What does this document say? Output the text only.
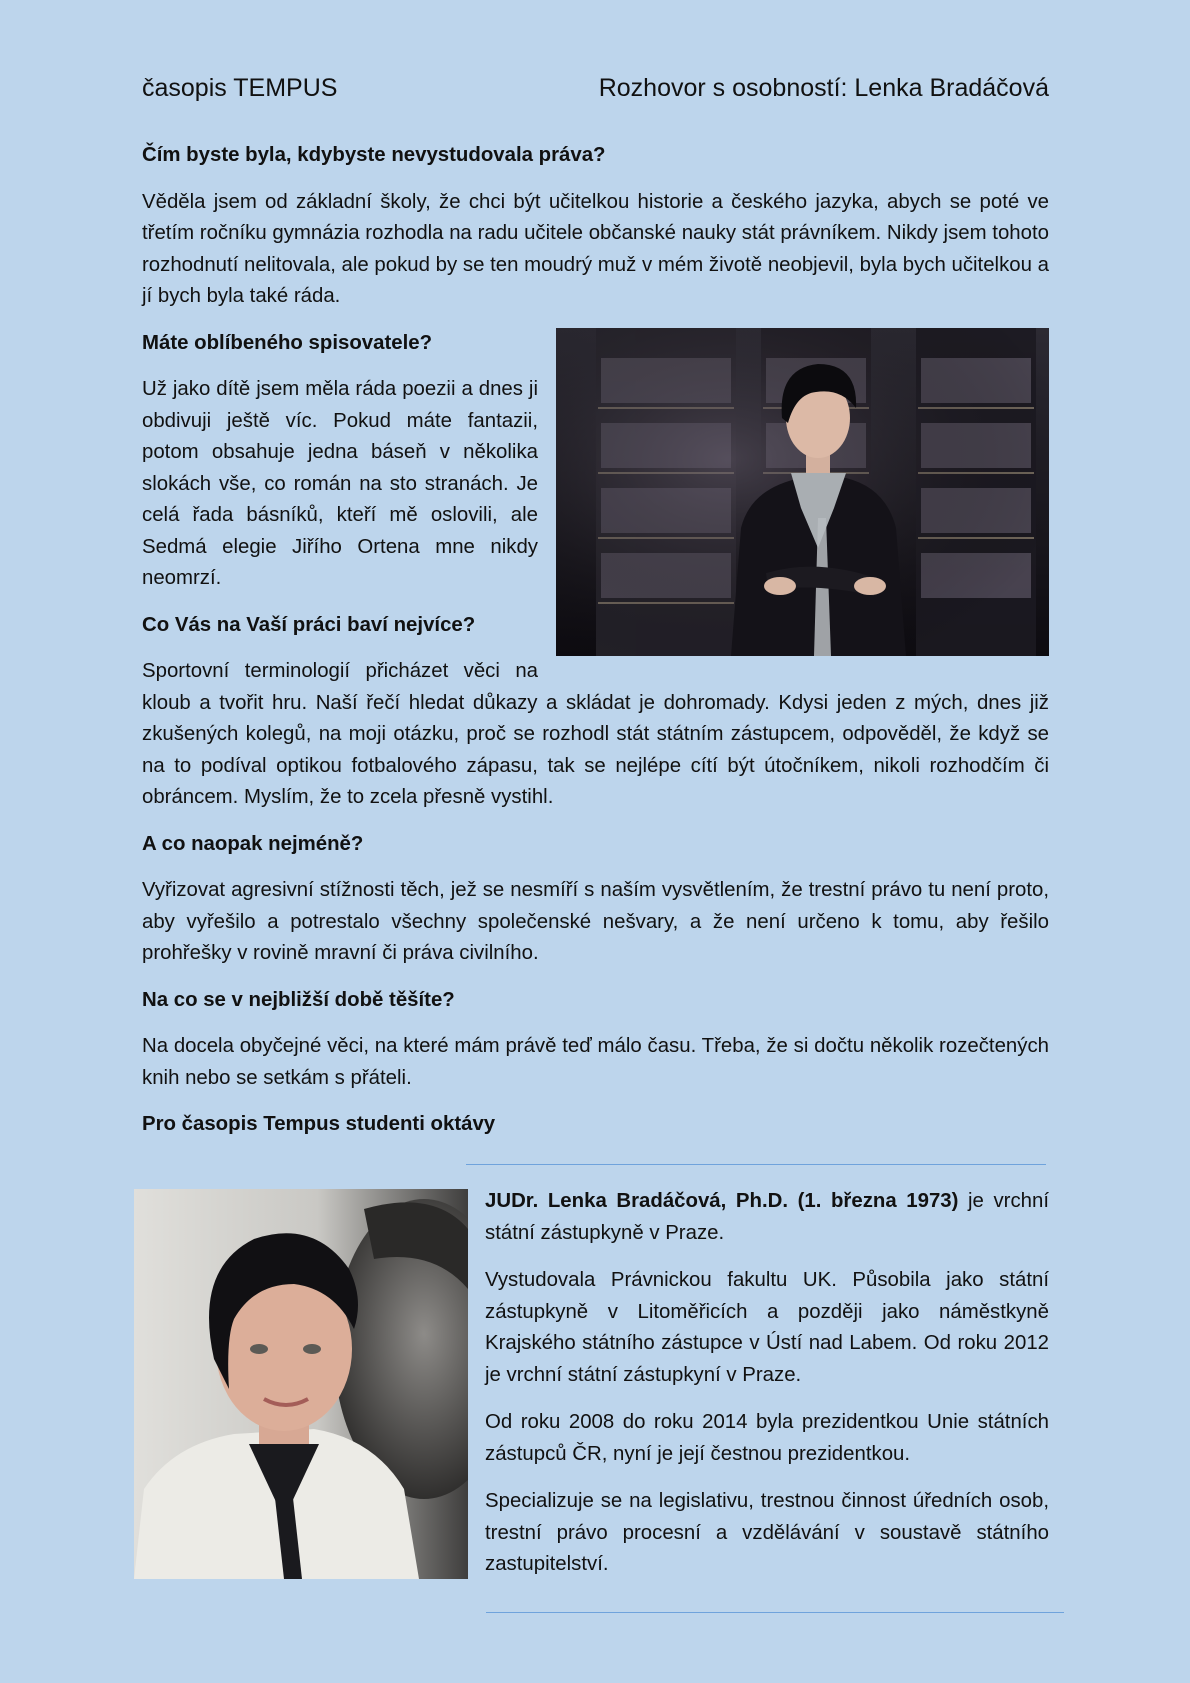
časopis TEMPUS	Rozhovor s osobností: Lenka Bradáčová

Čím byste byla, kdybyste nevystudovala práva?

Věděla jsem od základní školy, že chci být učitelkou historie a českého jazyka, abych se poté ve třetím ročníku gymnázia rozhodla na radu učitele občanské nauky stát právníkem. Nikdy jsem tohoto rozhodnutí nelitovala, ale pokud by se ten moudrý muž v mém životě neobjevil, byla bych učitelkou a jí bych byla také ráda.

Máte oblíbeného spisovatele?

Už jako dítě jsem měla ráda poezii a dnes ji obdivuji ještě víc. Pokud máte fantazii, potom obsahuje jedna báseň v několika slokách vše, co román na sto stranách. Je celá řada básníků, kteří mě oslovili, ale Sedmá elegie Jiřího Ortena mne nikdy neomrzí.

Co Vás na Vaší práci baví nejvíce?

Sportovní terminologií přicházet věci na kloub a tvořit hru. Naší řečí hledat důkazy a skládat je dohromady. Kdysi jeden z mých, dnes již zkušených kolegů, na moji otázku, proč se rozhodl stát státním zástupcem, odpověděl, že když se na to podíval optikou fotbalového zápasu, tak se nejlépe cítí být útočníkem, nikoli rozhodčím či obráncem. Myslím, že to zcela přesně vystihl.

A co naopak nejméně?

Vyřizovat agresivní stížnosti těch, jež se nesmíří s naším vysvětlením, že trestní právo tu není proto, aby vyřešilo a potrestalo všechny společenské nešvary, a že není určeno k tomu, aby řešilo prohřešky v rovině mravní či práva civilního.

Na co se v nejbližší době těšíte?

Na docela obyčejné věci, na které mám právě teď málo času. Třeba, že si dočtu několik rozečtených knih nebo se setkám s přáteli.

Pro časopis Tempus studenti oktávy

JUDr. Lenka Bradáčová, Ph.D. (1. března 1973) je vrchní státní zástupkyně v Praze.

Vystudovala Právnickou fakultu UK. Působila jako státní zástupkyně v Litoměřicích a později jako náměstkyně Krajského státního zástupce v Ústí nad Labem. Od roku 2012 je vrchní státní zástupkyní v Praze.

Od roku 2008 do roku 2014 byla prezidentkou Unie státních zástupců ČR, nyní je její čestnou prezidentkou.

Specializuje se na legislativu, trestnou činnost úředních osob, trestní právo procesní a vzdělávání v soustavě státního zastupitelství.
